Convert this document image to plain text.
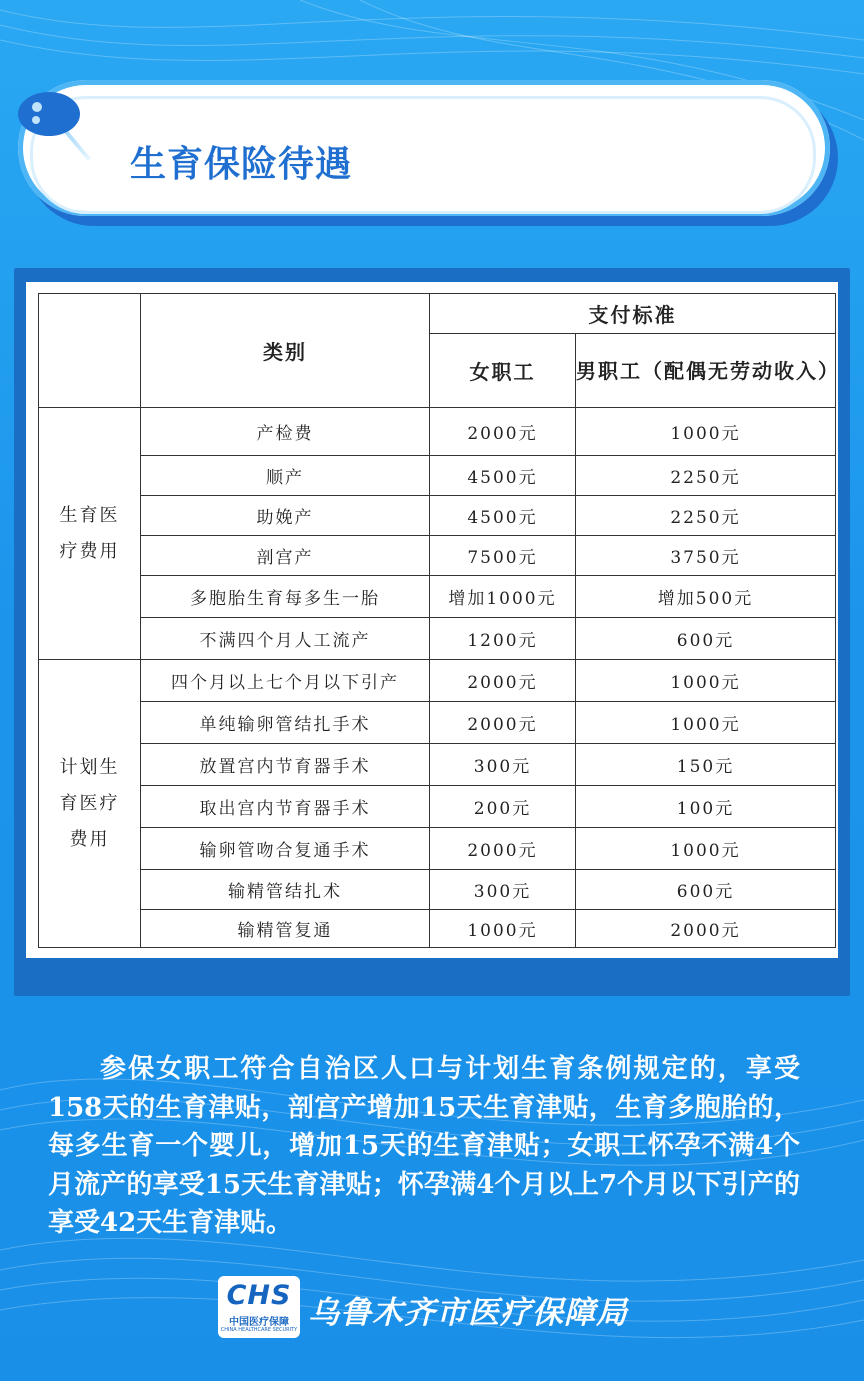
生育保险待遇
	类别	支付标准	
		女职工	男职工（配偶无劳动收入）
生育医疗费用	产检费	2000元	1000元
	顺产	4500元	2250元
	助娩产	4500元	2250元
	剖宫产	7500元	3750元
	多胞胎生育每多生一胎	增加1000元	增加500元
	不满四个月人工流产	1200元	600元
计划生育医疗费用	四个月以上七个月以下引产	2000元	1000元
	单纯输卵管结扎手术	2000元	1000元
	放置宫内节育器手术	300元	150元
	取出宫内节育器手术	200元	100元
	输卵管吻合复通手术	2000元	1000元
	输精管结扎术	300元	600元
	输精管复通	1000元	2000元
参保女职工符合自治区人口与计划生育条例规定的，享受158天的生育津贴，剖宫产增加15天生育津贴，生育多胞胎的，每多生育一个婴儿，增加15天的生育津贴；女职工怀孕不满4个月流产的享受15天生育津贴；怀孕满4个月以上7个月以下引产的享受42天生育津贴。
CHS
中国医疗保障
CHINA HEALTHCARE SECURITY 乌鲁木齐市医疗保障局
